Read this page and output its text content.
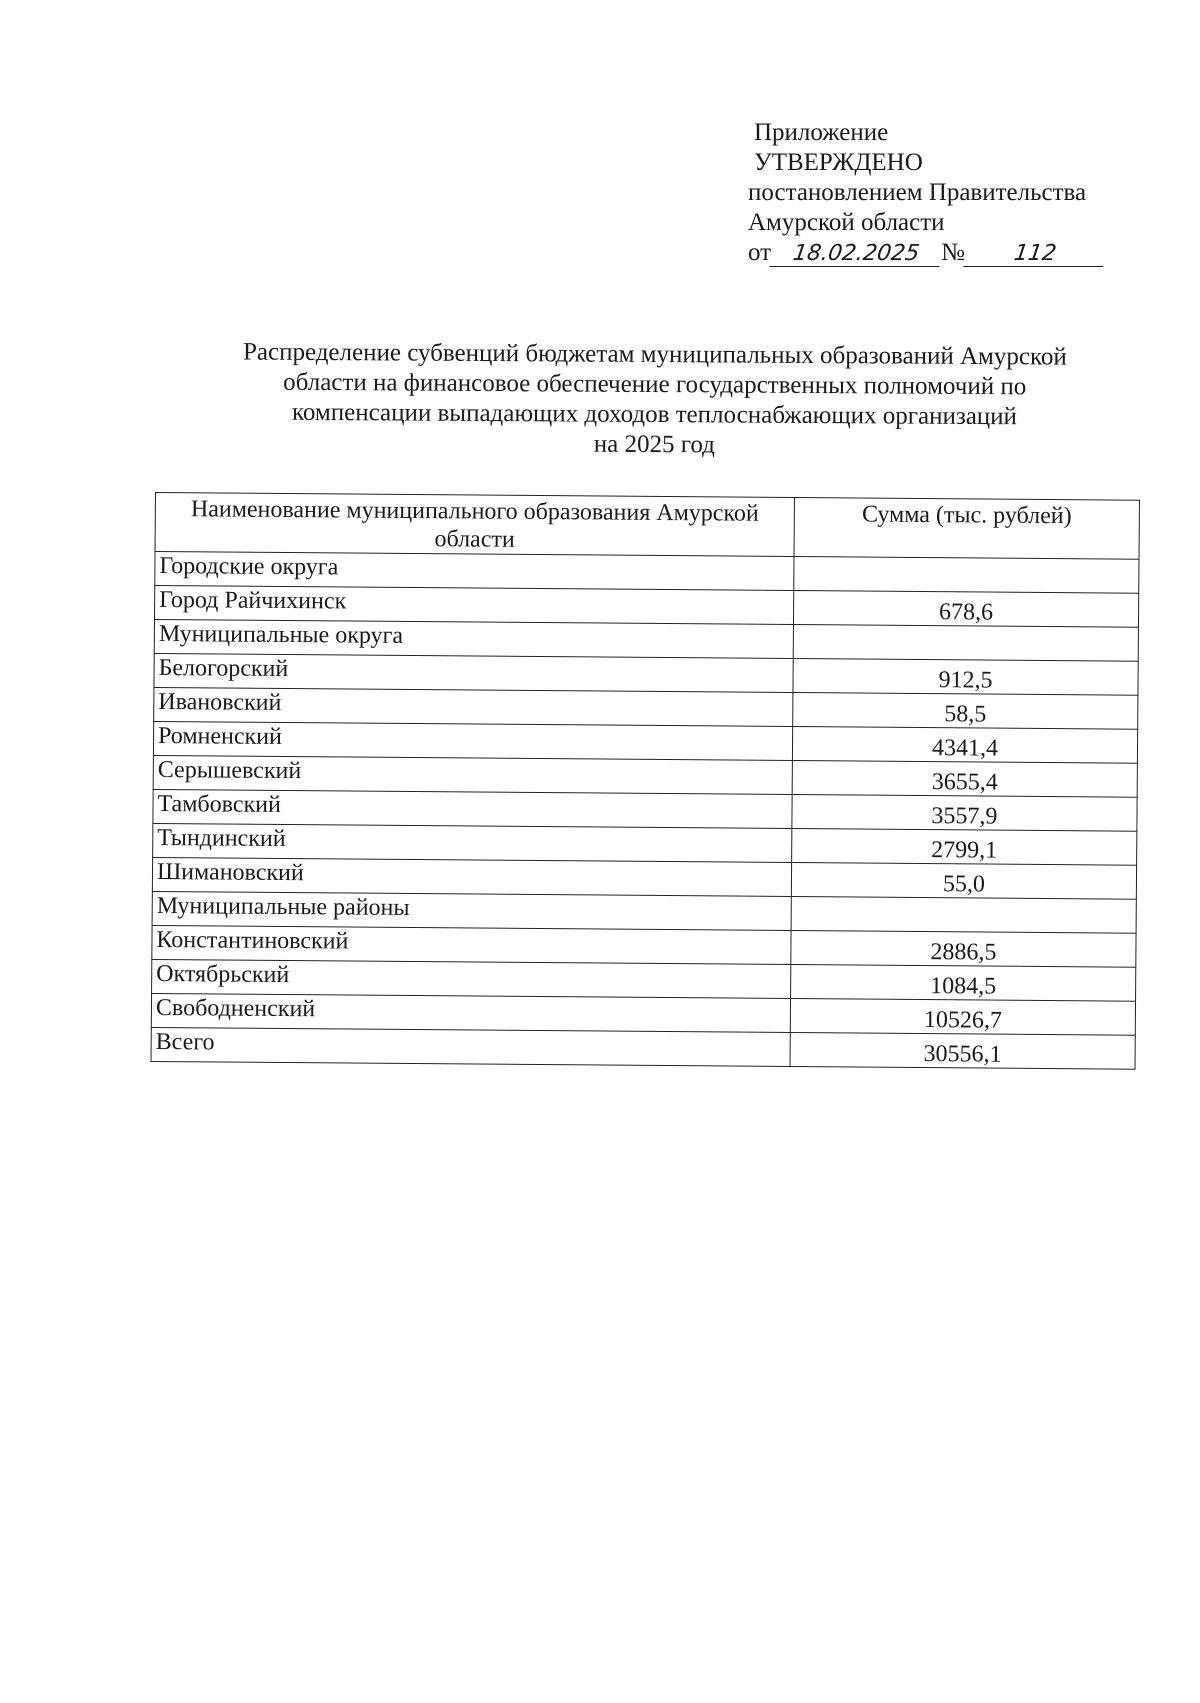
Приложение
УТВЕРЖДЕНО
постановлением Правительства
Амурской области
от 18.02.2025 № 112
Распределение субвенций бюджетам муниципальных образований Амурской
области на финансовое обеспечение государственных полномочий по
компенсации выпадающих доходов теплоснабжающих организаций
на 2025 год
Наименование муниципального образования Амурской области	Сумма (тыс. рублей)
Городские округа	
Город Райчихинск	678,6
Муниципальные округа	
Белогорский	912,5
Ивановский	58,5
Ромненский	4341,4
Серышевский	3655,4
Тамбовский	3557,9
Тындинский	2799,1
Шимановский	55,0
Муниципальные районы	
Константиновский	2886,5
Октябрьский	1084,5
Свободненский	10526,7
Всего	30556,1
